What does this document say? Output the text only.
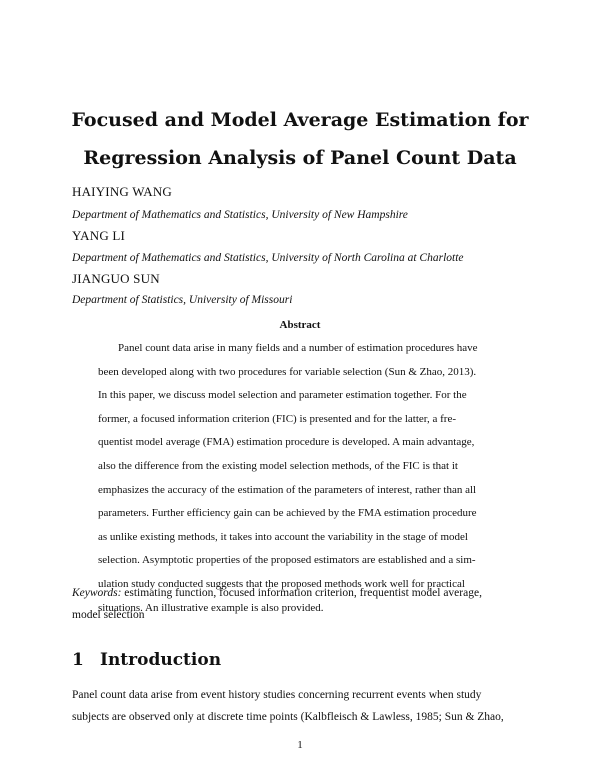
Focused and Model Average Estimation for
Regression Analysis of Panel Count Data
HAIYING WANG
Department of Mathematics and Statistics, University of New Hampshire
YANG LI
Department of Mathematics and Statistics, University of North Carolina at Charlotte
JIANGUO SUN
Department of Statistics, University of Missouri
Abstract
Panel count data arise in many fields and a number of estimation procedures have
been developed along with two procedures for variable selection (Sun & Zhao, 2013).
In this paper, we discuss model selection and parameter estimation together. For the
former, a focused information criterion (FIC) is presented and for the latter, a fre-
quentist model average (FMA) estimation procedure is developed. A main advantage,
also the difference from the existing model selection methods, of the FIC is that it
emphasizes the accuracy of the estimation of the parameters of interest, rather than all
parameters. Further efficiency gain can be achieved by the FMA estimation procedure
as unlike existing methods, it takes into account the variability in the stage of model
selection. Asymptotic properties of the proposed estimators are established and a sim-
ulation study conducted suggests that the proposed methods work well for practical
situations. An illustrative example is also provided.
Keywords: estimating function, focused information criterion, frequentist model average,
model selection
1 Introduction
Panel count data arise from event history studies concerning recurrent events when study
subjects are observed only at discrete time points (Kalbfleisch & Lawless, 1985; Sun & Zhao,
1
